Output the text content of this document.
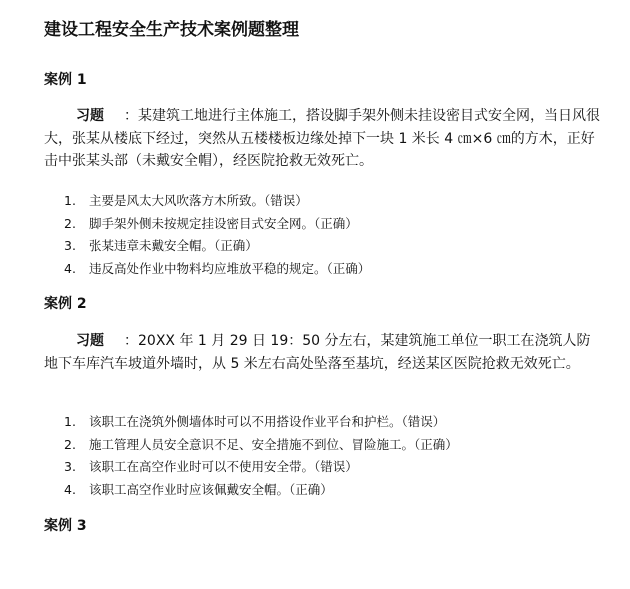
建设工程安全生产技术案例题整理
案例 1
习题 ：某建筑工地进行主体施工，搭设脚手架外侧未挂设密目式安全网，当日风很大，张某从楼底下经过，突然从五楼楼板边缘处掉下一块 1 米长 4 ㎝×6 ㎝的方木，正好击中张某头部（未戴安全帽），经医院抢救无效死亡。
1. 主要是风太大风吹落方木所致。（错误）
2. 脚手架外侧未按规定挂设密目式安全网。（正确）
3. 张某违章未戴安全帽。（正确）
4. 违反高处作业中物料均应堆放平稳的规定。（正确）
案例 2
习题 ：20XX 年 1 月 29 日 19：50 分左右，某建筑施工单位一职工在浇筑人防地下车库汽车坡道外墙时，从 5 米左右高处坠落至基坑，经送某区医院抢救无效死亡。
1. 该职工在浇筑外侧墙体时可以不用搭设作业平台和护栏。（错误）
2. 施工管理人员安全意识不足、安全措施不到位、冒险施工。（正确）
3. 该职工在高空作业时可以不使用安全带。（错误）
4. 该职工高空作业时应该佩戴安全帽。（正确）
案例 3
